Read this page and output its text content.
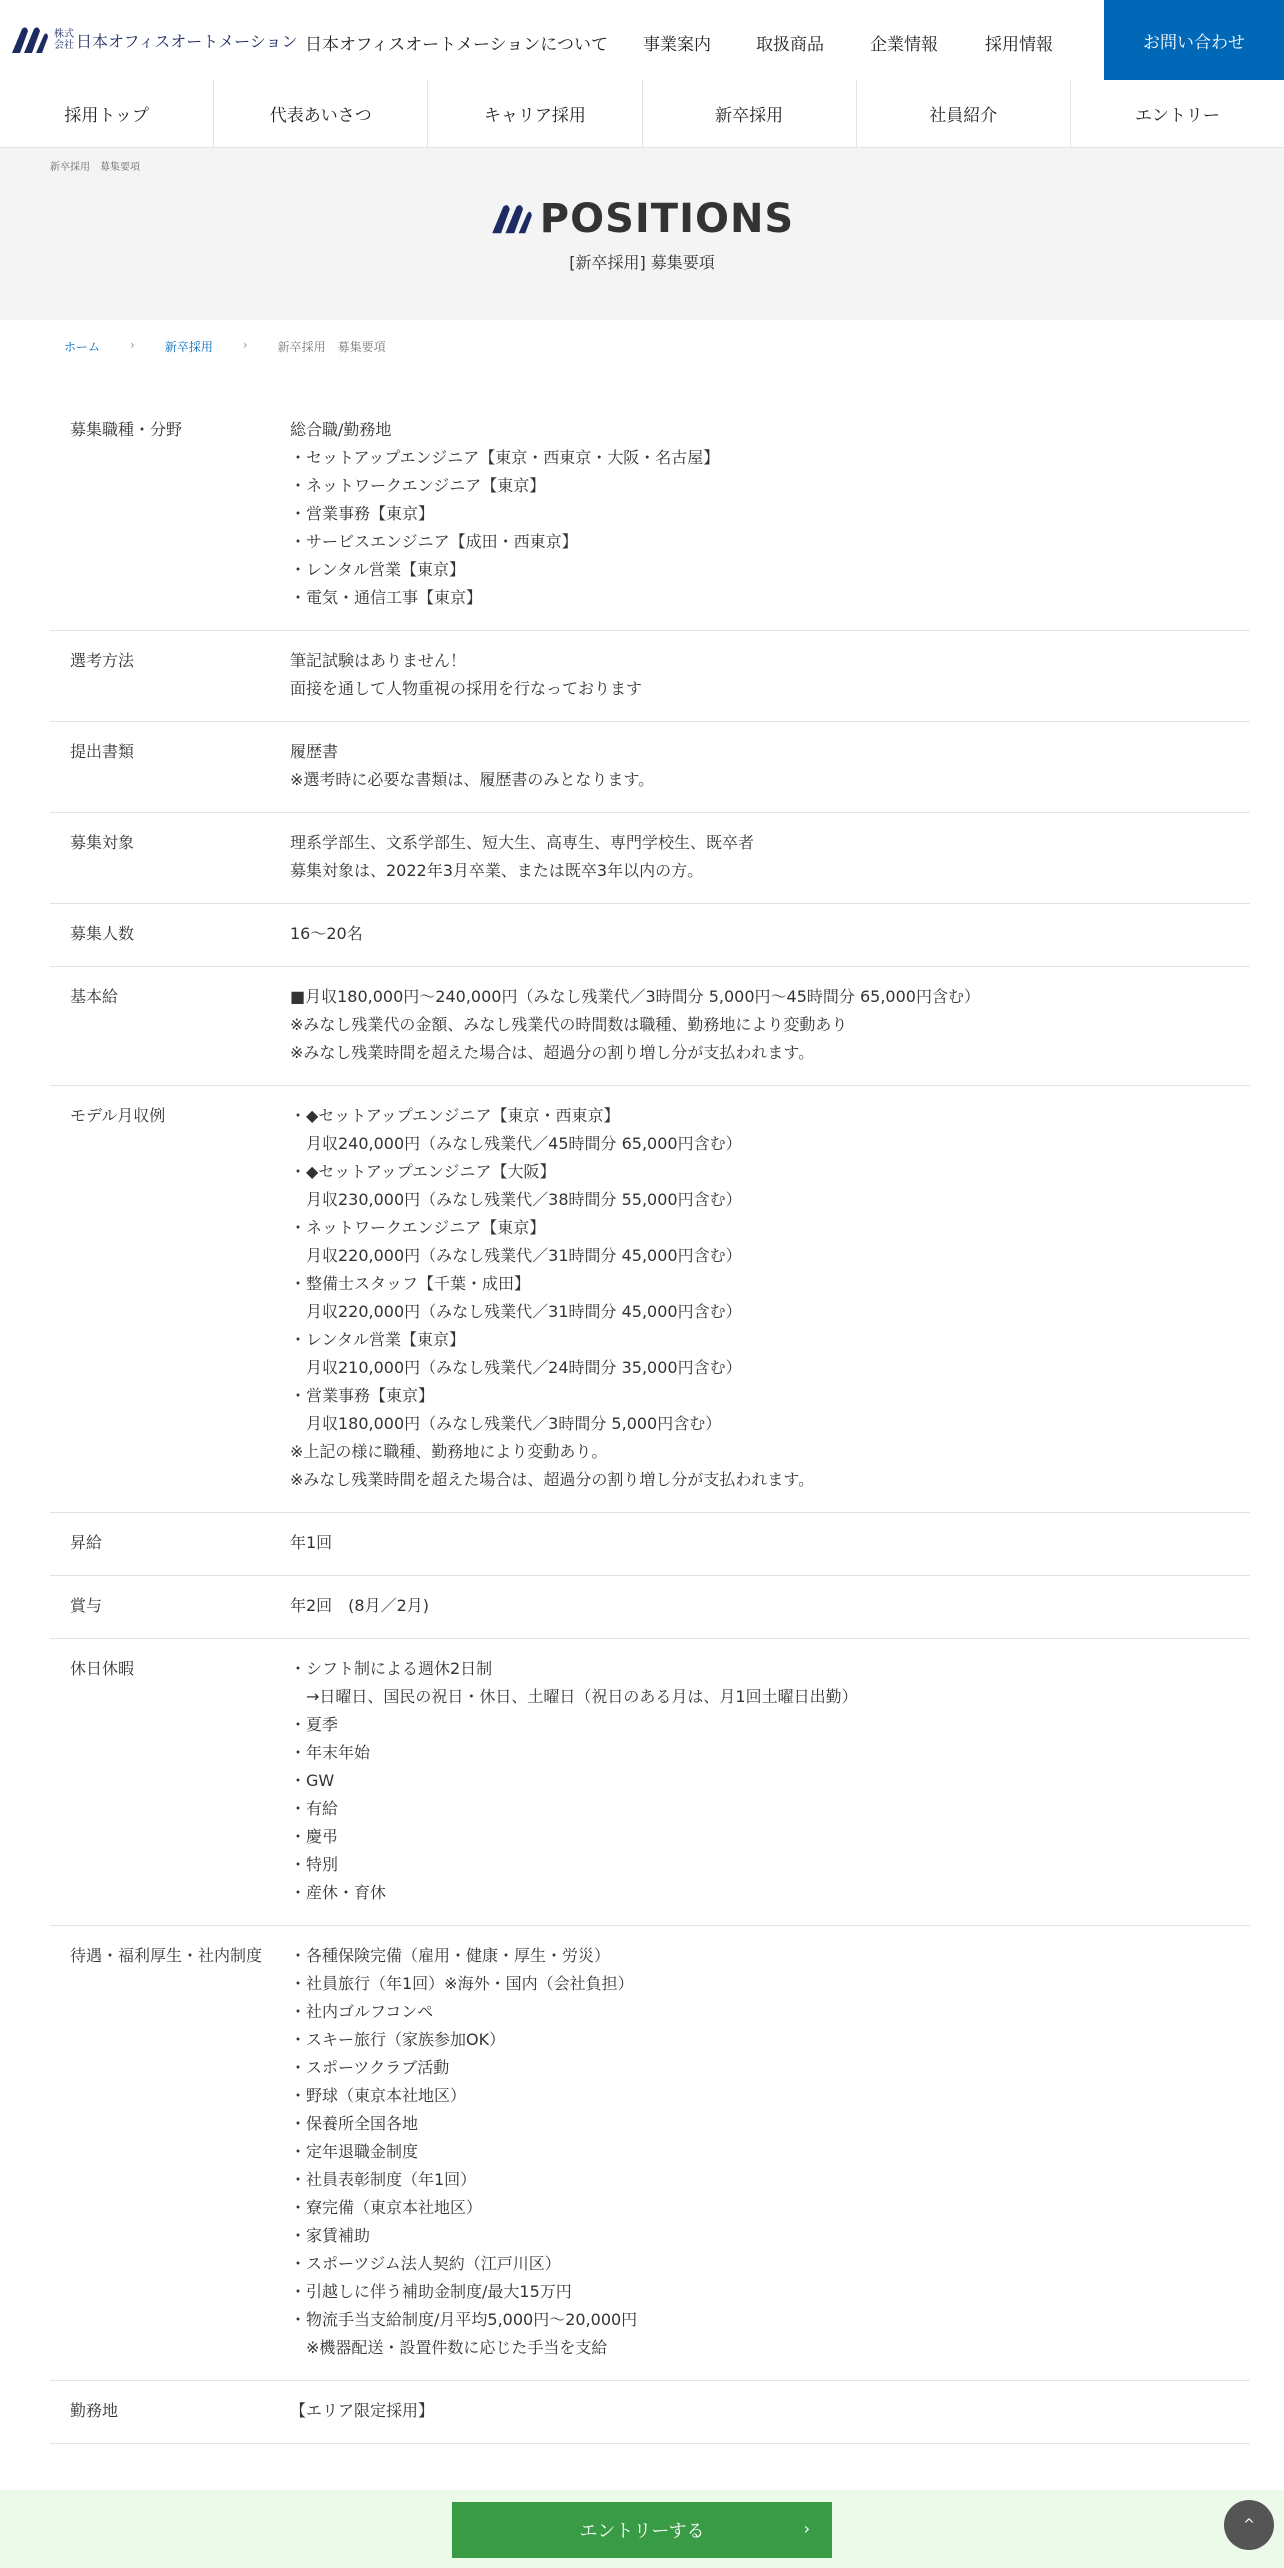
株式会社 日本オフィスオートメーション 日本オフィスオートメーションについて 事業案内	取扱商品	企業情報	採用情報	お問い合わせ
採用トップ	代表あいさつ	キャリア採用	新卒採用	社員紹介	エントリー
新卒採用　募集要項
POSITIONS
[新卒採用] 募集要項
ホーム	›	新卒採用	›	新卒採用　募集要項
募集職種・分野	総合職/勤務地
・セットアップエンジニア【東京・西東京・大阪・名古屋】
・ネットワークエンジニア【東京】
・営業事務【東京】
・サービスエンジニア【成田・西東京】
・レンタル営業【東京】
・電気・通信工事【東京】
選考方法	筆記試験はありません！
面接を通して人物重視の採用を行なっております
提出書類	履歴書
※選考時に必要な書類は、履歴書のみとなります。
募集対象	理系学部生、文系学部生、短大生、高専生、専門学校生、既卒者
募集対象は、2022年3月卒業、または既卒3年以内の方。
募集人数	16〜20名
基本給	■月収180,000円〜240,000円（みなし残業代／3時間分 5,000円〜45時間分 65,000円含む）
※みなし残業代の金額、みなし残業代の時間数は職種、勤務地により変動あり
※みなし残業時間を超えた場合は、超過分の割り増し分が支払われます。
モデル月収例	・◆セットアップエンジニア【東京・西東京】
　月収240,000円（みなし残業代／45時間分 65,000円含む）
・◆セットアップエンジニア【大阪】
　月収230,000円（みなし残業代／38時間分 55,000円含む）
・ネットワークエンジニア【東京】
　月収220,000円（みなし残業代／31時間分 45,000円含む）
・整備士スタッフ【千葉・成田】
　月収220,000円（みなし残業代／31時間分 45,000円含む）
・レンタル営業【東京】
　月収210,000円（みなし残業代／24時間分 35,000円含む）
・営業事務【東京】
　月収180,000円（みなし残業代／3時間分 5,000円含む）
※上記の様に職種、勤務地により変動あり。
※みなし残業時間を超えた場合は、超過分の割り増し分が支払われます。
昇給	年1回
賞与	年2回　(8月／2月)
休日休暇	・シフト制による週休2日制
　→日曜日、国民の祝日・休日、土曜日（祝日のある月は、月1回土曜日出勤）
・夏季
・年末年始
・GW
・有給
・慶弔
・特別
・産休・育休
待遇・福利厚生・社内制度	・各種保険完備（雇用・健康・厚生・労災）
・社員旅行（年1回）※海外・国内（会社負担）
・社内ゴルフコンペ
・スキー旅行（家族参加OK）
・スポーツクラブ活動
・野球（東京本社地区）
・保養所全国各地
・定年退職金制度
・社員表彰制度（年1回）
・寮完備（東京本社地区）
・家賃補助
・スポーツジム法人契約（江戸川区）
・引越しに伴う補助金制度/最大15万円
・物流手当支給制度/月平均5,000円〜20,000円
　※機器配送・設置件数に応じた手当を支給
勤務地	【エリア限定採用】
エントリーする	›	^
